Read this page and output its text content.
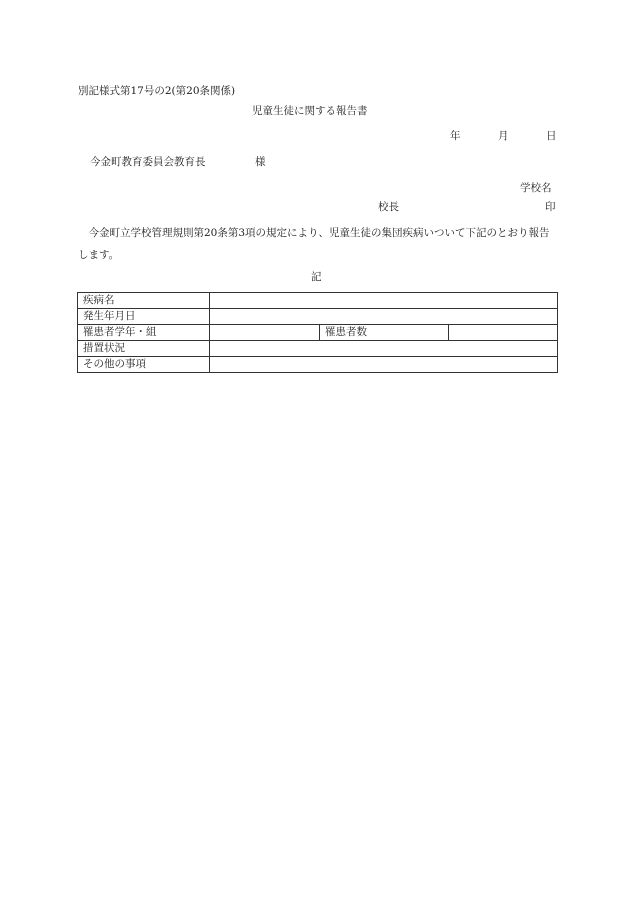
別記様式第17号の2(第20条関係)
児童生徒に関する報告書
年	月	日
今金町教育委員会教育長	様
学校名
校長	印
今金町立学校管理規則第20条第3項の規定により、児童生徒の集団疾病いついて下記のとおり報告します。
記
疾病名			
発生年月日			
罹患者学年・組		罹患者数	
措置状況			
その他の事項			
